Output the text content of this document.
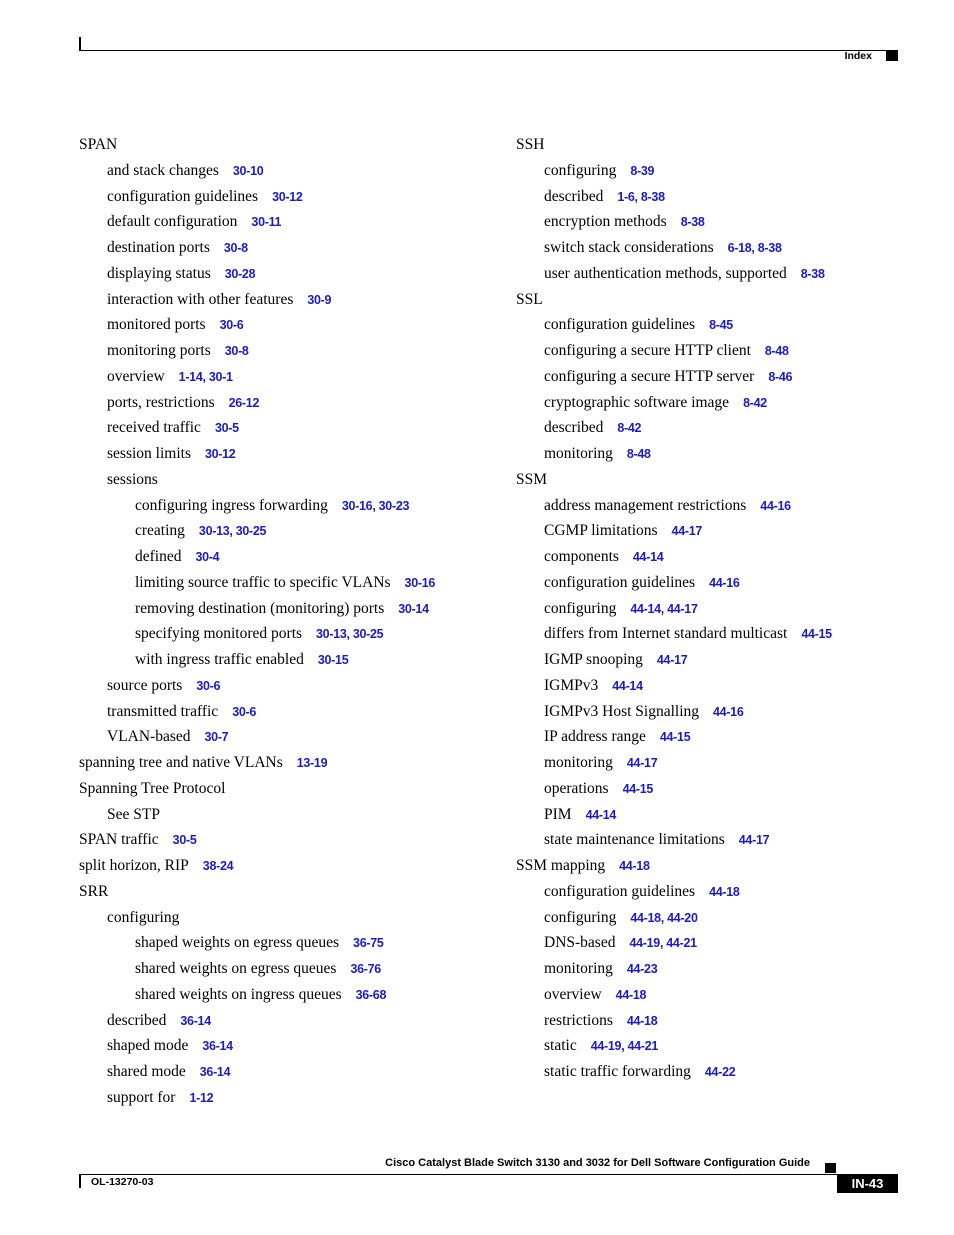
Index
SPAN
and stack changes 30-10
configuration guidelines 30-12
default configuration 30-11
destination ports 30-8
displaying status 30-28
interaction with other features 30-9
monitored ports 30-6
monitoring ports 30-8
overview 1-14, 30-1
ports, restrictions 26-12
received traffic 30-5
session limits 30-12
sessions
configuring ingress forwarding 30-16, 30-23
creating 30-13, 30-25
defined 30-4
limiting source traffic to specific VLANs 30-16
removing destination (monitoring) ports 30-14
specifying monitored ports 30-13, 30-25
with ingress traffic enabled 30-15
source ports 30-6
transmitted traffic 30-6
VLAN-based 30-7
spanning tree and native VLANs 13-19
Spanning Tree Protocol
See STP
SPAN traffic 30-5
split horizon, RIP 38-24
SRR
configuring
shaped weights on egress queues 36-75
shared weights on egress queues 36-76
shared weights on ingress queues 36-68
described 36-14
shaped mode 36-14
shared mode 36-14
support for 1-12
SSH
configuring 8-39
described 1-6, 8-38
encryption methods 8-38
switch stack considerations 6-18, 8-38
user authentication methods, supported 8-38
SSL
configuration guidelines 8-45
configuring a secure HTTP client 8-48
configuring a secure HTTP server 8-46
cryptographic software image 8-42
described 8-42
monitoring 8-48
SSM
address management restrictions 44-16
CGMP limitations 44-17
components 44-14
configuration guidelines 44-16
configuring 44-14, 44-17
differs from Internet standard multicast 44-15
IGMP snooping 44-17
IGMPv3 44-14
IGMPv3 Host Signalling 44-16
IP address range 44-15
monitoring 44-17
operations 44-15
PIM 44-14
state maintenance limitations 44-17
SSM mapping 44-18
configuration guidelines 44-18
configuring 44-18, 44-20
DNS-based 44-19, 44-21
monitoring 44-23
overview 44-18
restrictions 44-18
static 44-19, 44-21
static traffic forwarding 44-22
Cisco Catalyst Blade Switch 3130 and 3032 for Dell Software Configuration Guide
OL-13270-03	IN-43
